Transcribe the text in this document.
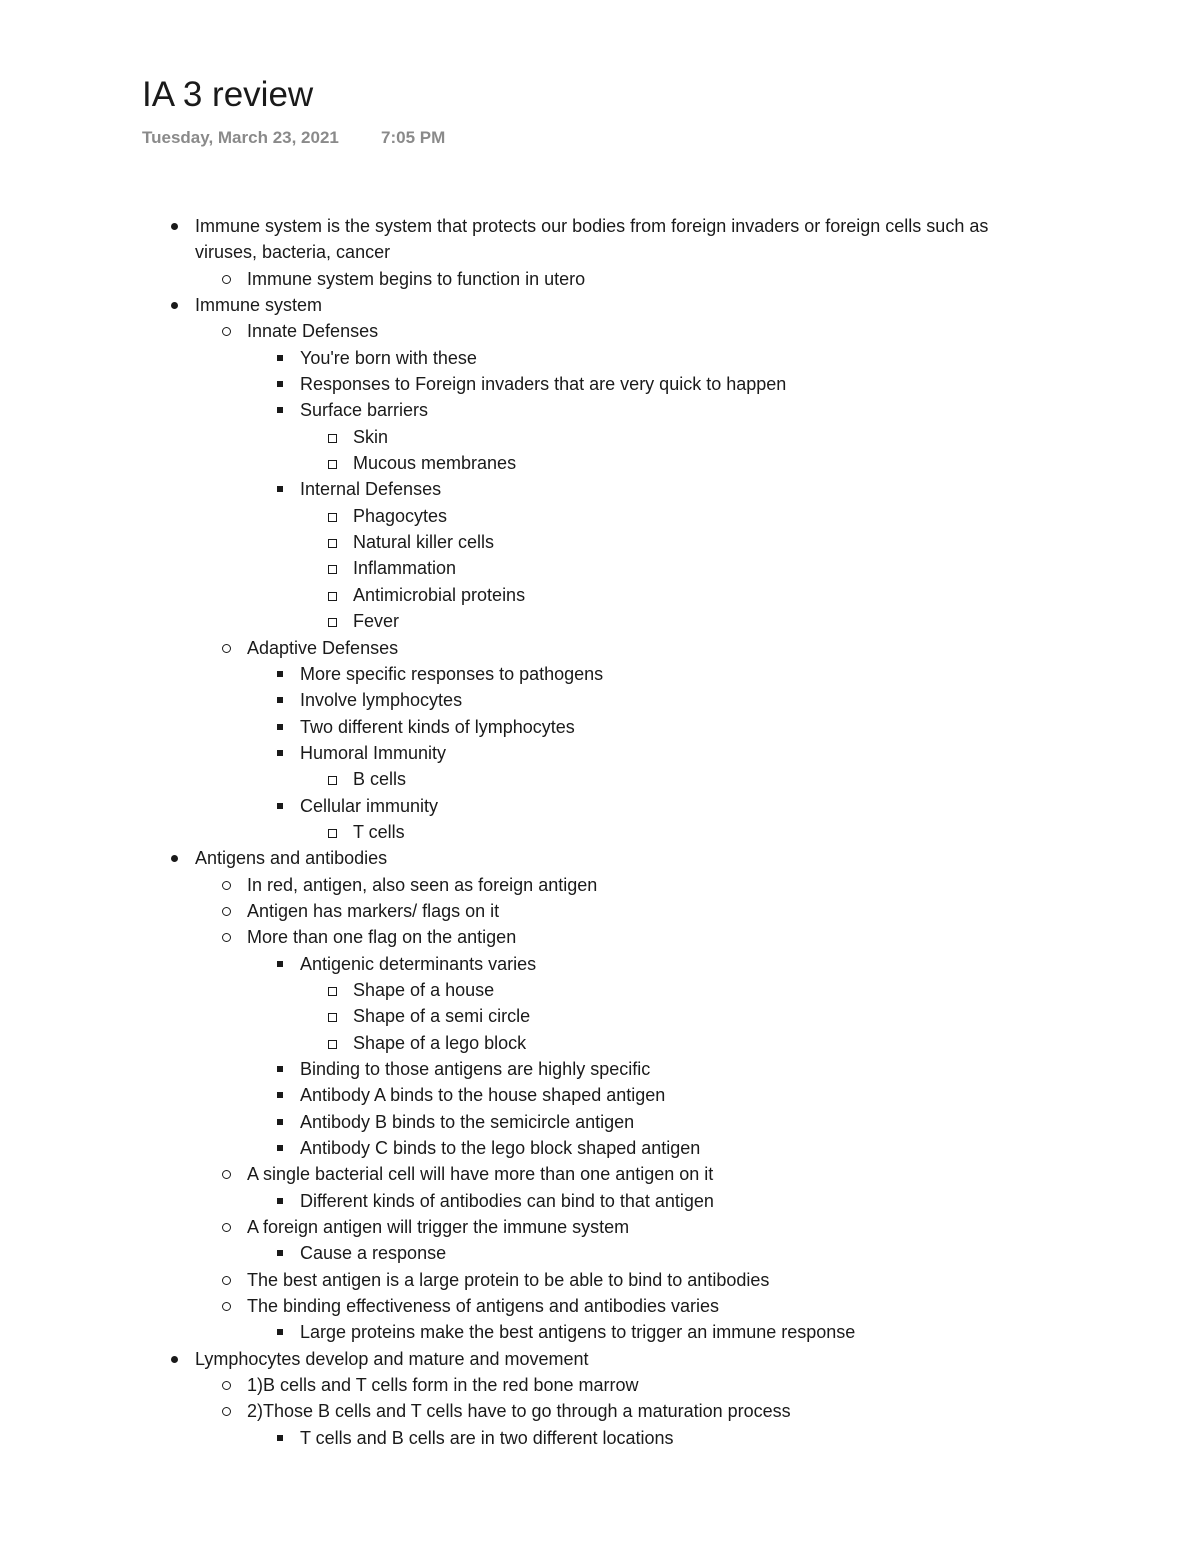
IA 3 review
Tuesday, March 23, 2021 7:05 PM
Immune system is the system that protects our bodies from foreign invaders or foreign cells such as viruses, bacteria, cancer
Immune system begins to function in utero
Immune system
Innate Defenses
You're born with these
Responses to Foreign invaders that are very quick to happen
Surface barriers
Skin
Mucous membranes
Internal Defenses
Phagocytes
Natural killer cells
Inflammation
Antimicrobial proteins
Fever
Adaptive Defenses
More specific responses to pathogens
Involve lymphocytes
Two different kinds of lymphocytes
Humoral Immunity
B cells
Cellular immunity
T cells
Antigens and antibodies
In red, antigen, also seen as foreign antigen
Antigen has markers/ flags on it
More than one flag on the antigen
Antigenic determinants varies
Shape of a house
Shape of a semi circle
Shape of a lego block
Binding to those antigens are highly specific
Antibody A binds to the house shaped antigen
Antibody B binds to the semicircle antigen
Antibody C binds to the lego block shaped antigen
A single bacterial cell will have more than one antigen on it
Different kinds of antibodies can bind to that antigen
A foreign antigen will trigger the immune system
Cause a response
The best antigen is a large protein to be able to bind to antibodies
The binding effectiveness of antigens and antibodies varies
Large proteins make the best antigens to trigger an immune response
Lymphocytes develop and mature and movement
1)B cells and T cells form in the red bone marrow
2)Those B cells and T cells have to go through a maturation process
T cells and B cells are in two different locations
